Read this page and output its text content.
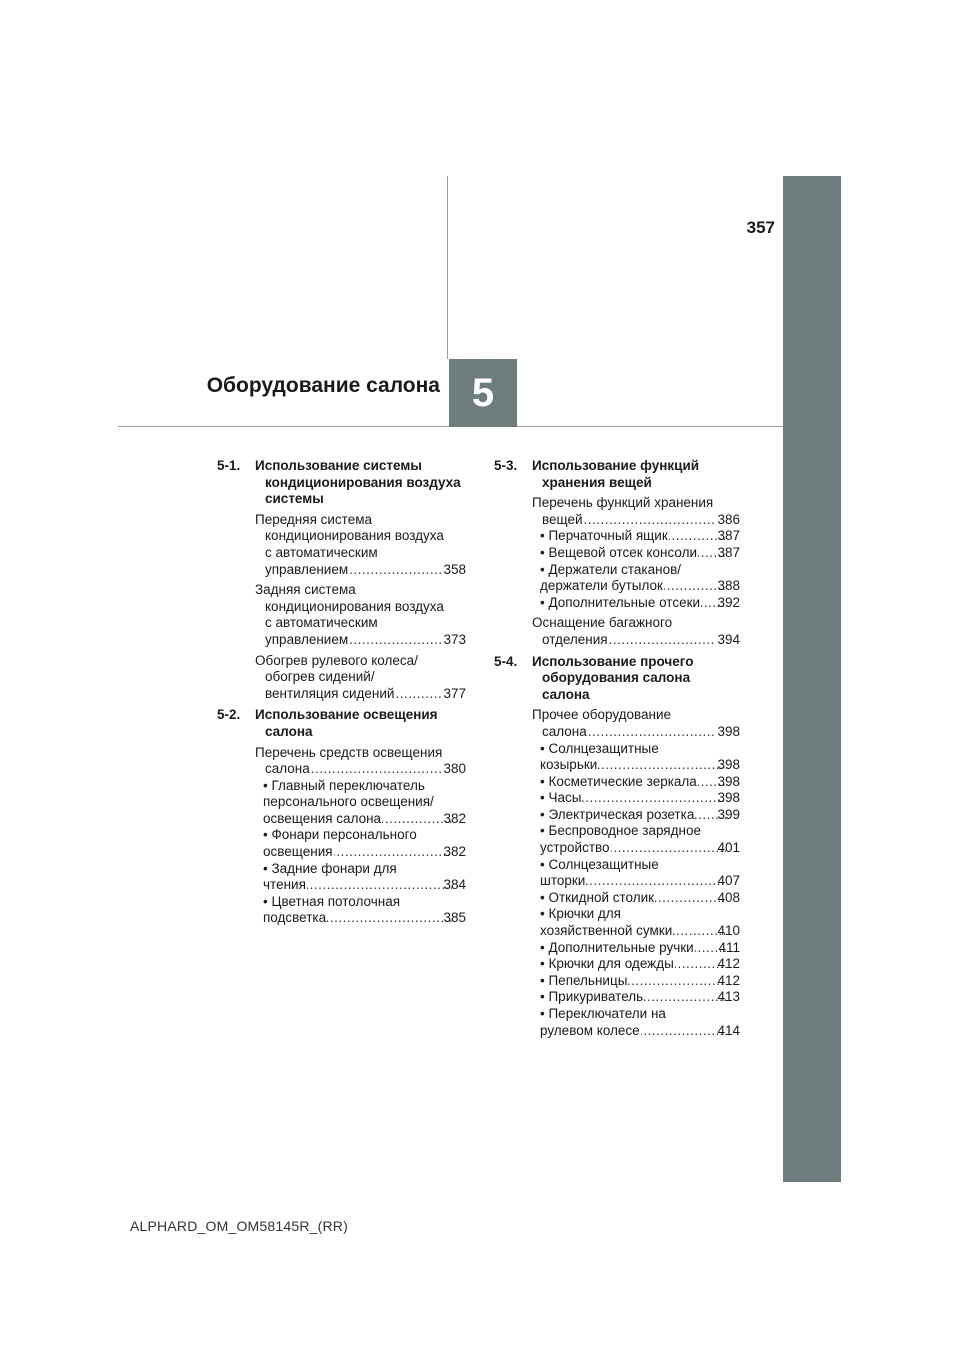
357
Оборудование салона 5
5-1.	Использование системы кондиционирования воздуха системы
Передняя система
кондиционирования воздуха
с автоматическим
управлением .....	358
Задняя система
кондиционирования воздуха
с автоматическим
управлением .....	373
Обогрев рулевого колеса/
обогрев сидений/
вентиляция сидений .....	377
5-2.	Использование освещения салона
Перечень средств освещения
салона .....	380
• Главный переключатель
персонального освещения/
освещения салона .....	382
• Фонари персонального
освещения .....	382
• Задние фонари для
чтения .....	384
• Цветная потолочная
подсветка .....	385
5-3.	Использование функций хранения вещей
Перечень функций хранения
вещей .....	386
• Перчаточный ящик .....	387
• Вещевой отсек консоли ..... 387
• Держатели стаканов/
держатели бутылок .....	388
• Дополнительные отсеки ..... 392
Оснащение багажного
отделения .....	394
5-4.	Использование прочего оборудования салона салона
Прочее оборудование
салона .....	398
• Солнцезащитные
козырьки .....	398
• Косметические зеркала ..... 398
• Часы .....	398
• Электрическая розетка ..... 399
• Беспроводное зарядное
устройство .....	401
• Солнцезащитные
шторки .....	407
• Откидной столик .....	408
• Крючки для
хозяйственной сумки .....	410
• Дополнительные ручки ..... 411
• Крючки для одежды .....	412
• Пепельницы .....	412
• Прикуриватель .....	413
• Переключатели на
рулевом колесе .....	414
ALPHARD_OM_OM58145R_(RR)
